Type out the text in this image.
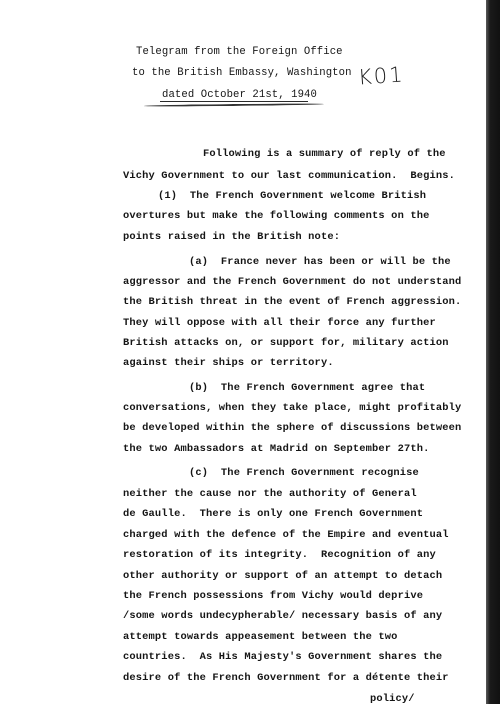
Telegram from the Foreign Office
to the British Embassy, Washington
dated October 21st, 1940
K01
Following is a summary of reply of the
Vichy Government to our last communication.  Begins.
(1)  The French Government welcome British
overtures but make the following comments on the
points raised in the British note:
(a)  France never has been or will be the
aggressor and the French Government do not understand
the British threat in the event of French aggression.
They will oppose with all their force any further
British attacks on, or support for, military action
against their ships or territory.
(b)  The French Government agree that
conversations, when they take place, might profitably
be developed within the sphere of discussions between
the two Ambassadors at Madrid on September 27th.
(c)  The French Government recognise
neither the cause nor the authority of General
de Gaulle.  There is only one French Government
charged with the defence of the Empire and eventual
restoration of its integrity.  Recognition of any
other authority or support of an attempt to detach
the French possessions from Vichy would deprive
/some words undecypherable/ necessary basis of any
attempt towards appeasement between the two
countries.  As His Majesty's Government shares the
desire of the French Government for a détente their
policy/
